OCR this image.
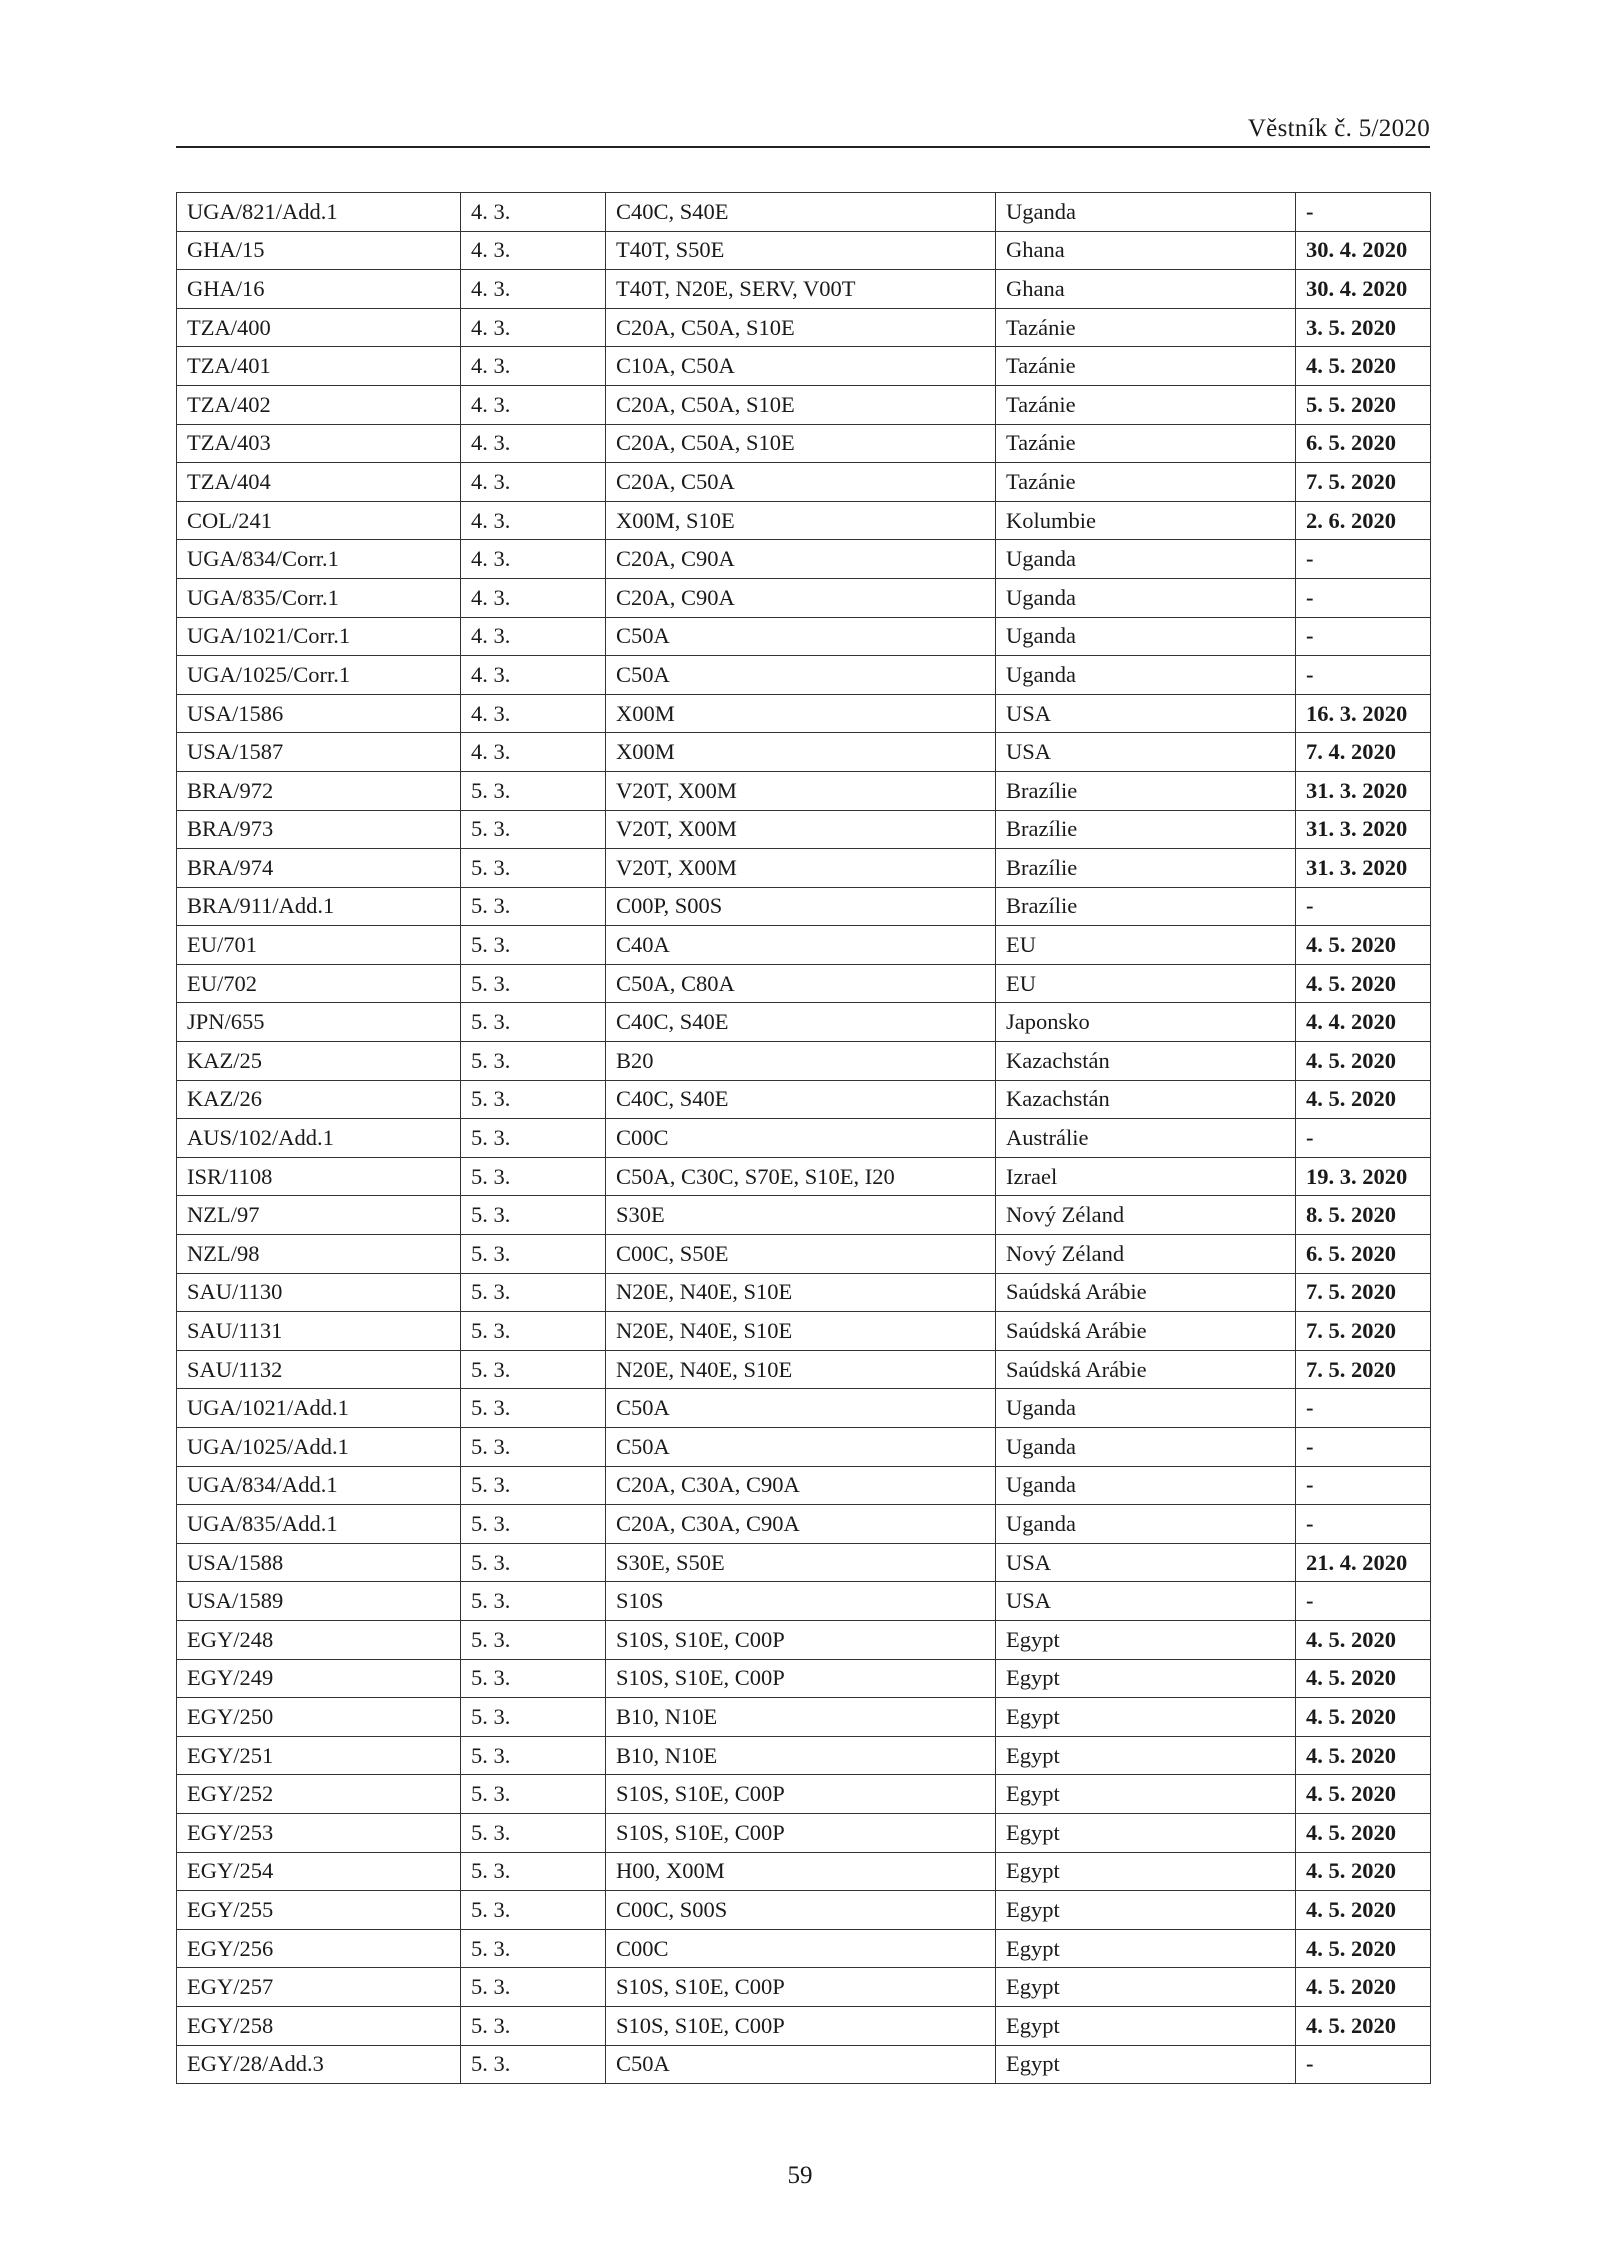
Věstník č. 5/2020
UGA/821/Add.1	4. 3.	C40C, S40E	Uganda	-
GHA/15	4. 3.	T40T, S50E	Ghana	30. 4. 2020
GHA/16	4. 3.	T40T, N20E, SERV, V00T	Ghana	30. 4. 2020
TZA/400	4. 3.	C20A, C50A, S10E	Tazánie	3. 5. 2020
TZA/401	4. 3.	C10A, C50A	Tazánie	4. 5. 2020
TZA/402	4. 3.	C20A, C50A, S10E	Tazánie	5. 5. 2020
TZA/403	4. 3.	C20A, C50A, S10E	Tazánie	6. 5. 2020
TZA/404	4. 3.	C20A, C50A	Tazánie	7. 5. 2020
COL/241	4. 3.	X00M, S10E	Kolumbie	2. 6. 2020
UGA/834/Corr.1	4. 3.	C20A, C90A	Uganda	-
UGA/835/Corr.1	4. 3.	C20A, C90A	Uganda	-
UGA/1021/Corr.1	4. 3.	C50A	Uganda	-
UGA/1025/Corr.1	4. 3.	C50A	Uganda	-
USA/1586	4. 3.	X00M	USA	16. 3. 2020
USA/1587	4. 3.	X00M	USA	7. 4. 2020
BRA/972	5. 3.	V20T, X00M	Brazílie	31. 3. 2020
BRA/973	5. 3.	V20T, X00M	Brazílie	31. 3. 2020
BRA/974	5. 3.	V20T, X00M	Brazílie	31. 3. 2020
BRA/911/Add.1	5. 3.	C00P, S00S	Brazílie	-
EU/701	5. 3.	C40A	EU	4. 5. 2020
EU/702	5. 3.	C50A, C80A	EU	4. 5. 2020
JPN/655	5. 3.	C40C, S40E	Japonsko	4. 4. 2020
KAZ/25	5. 3.	B20	Kazachstán	4. 5. 2020
KAZ/26	5. 3.	C40C, S40E	Kazachstán	4. 5. 2020
AUS/102/Add.1	5. 3.	C00C	Austrálie	-
ISR/1108	5. 3.	C50A, C30C, S70E, S10E, I20	Izrael	19. 3. 2020
NZL/97	5. 3.	S30E	Nový Zéland	8. 5. 2020
NZL/98	5. 3.	C00C, S50E	Nový Zéland	6. 5. 2020
SAU/1130	5. 3.	N20E, N40E, S10E	Saúdská Arábie	7. 5. 2020
SAU/1131	5. 3.	N20E, N40E, S10E	Saúdská Arábie	7. 5. 2020
SAU/1132	5. 3.	N20E, N40E, S10E	Saúdská Arábie	7. 5. 2020
UGA/1021/Add.1	5. 3.	C50A	Uganda	-
UGA/1025/Add.1	5. 3.	C50A	Uganda	-
UGA/834/Add.1	5. 3.	C20A, C30A, C90A	Uganda	-
UGA/835/Add.1	5. 3.	C20A, C30A, C90A	Uganda	-
USA/1588	5. 3.	S30E, S50E	USA	21. 4. 2020
USA/1589	5. 3.	S10S	USA	-
EGY/248	5. 3.	S10S, S10E, C00P	Egypt	4. 5. 2020
EGY/249	5. 3.	S10S, S10E, C00P	Egypt	4. 5. 2020
EGY/250	5. 3.	B10, N10E	Egypt	4. 5. 2020
EGY/251	5. 3.	B10, N10E	Egypt	4. 5. 2020
EGY/252	5. 3.	S10S, S10E, C00P	Egypt	4. 5. 2020
EGY/253	5. 3.	S10S, S10E, C00P	Egypt	4. 5. 2020
EGY/254	5. 3.	H00, X00M	Egypt	4. 5. 2020
EGY/255	5. 3.	C00C, S00S	Egypt	4. 5. 2020
EGY/256	5. 3.	C00C	Egypt	4. 5. 2020
EGY/257	5. 3.	S10S, S10E, C00P	Egypt	4. 5. 2020
EGY/258	5. 3.	S10S, S10E, C00P	Egypt	4. 5. 2020
EGY/28/Add.3	5. 3.	C50A	Egypt	-
59
